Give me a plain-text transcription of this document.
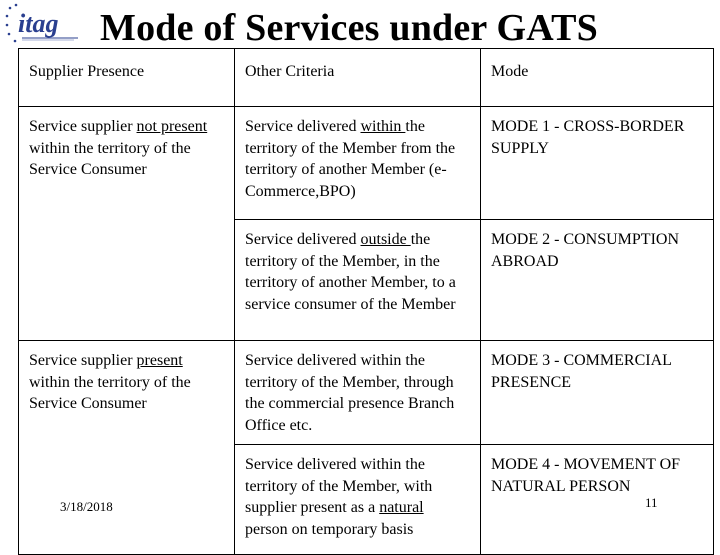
itag Mode of Services under GATS
Supplier Presence	Other Criteria	Mode
Service supplier not present within the territory of the Service Consumer	Service delivered within the territory of the Member from the territory of another Member (e- Commerce,BPO)	MODE 1 - CROSS-BORDER SUPPLY
	Service delivered outside the territory of the Member, in the territory of another Member, to a service consumer of the Member	MODE 2 - CONSUMPTION ABROAD
Service supplier present within the territory of the Service Consumer	Service delivered within the territory of the Member, through the commercial presence Branch Office etc.	MODE 3 - COMMERCIAL PRESENCE
	Service delivered within the territory of the Member, with supplier present as a natural person on temporary basis	MODE 4 - MOVEMENT OF NATURAL PERSON
3/18/2018	11
